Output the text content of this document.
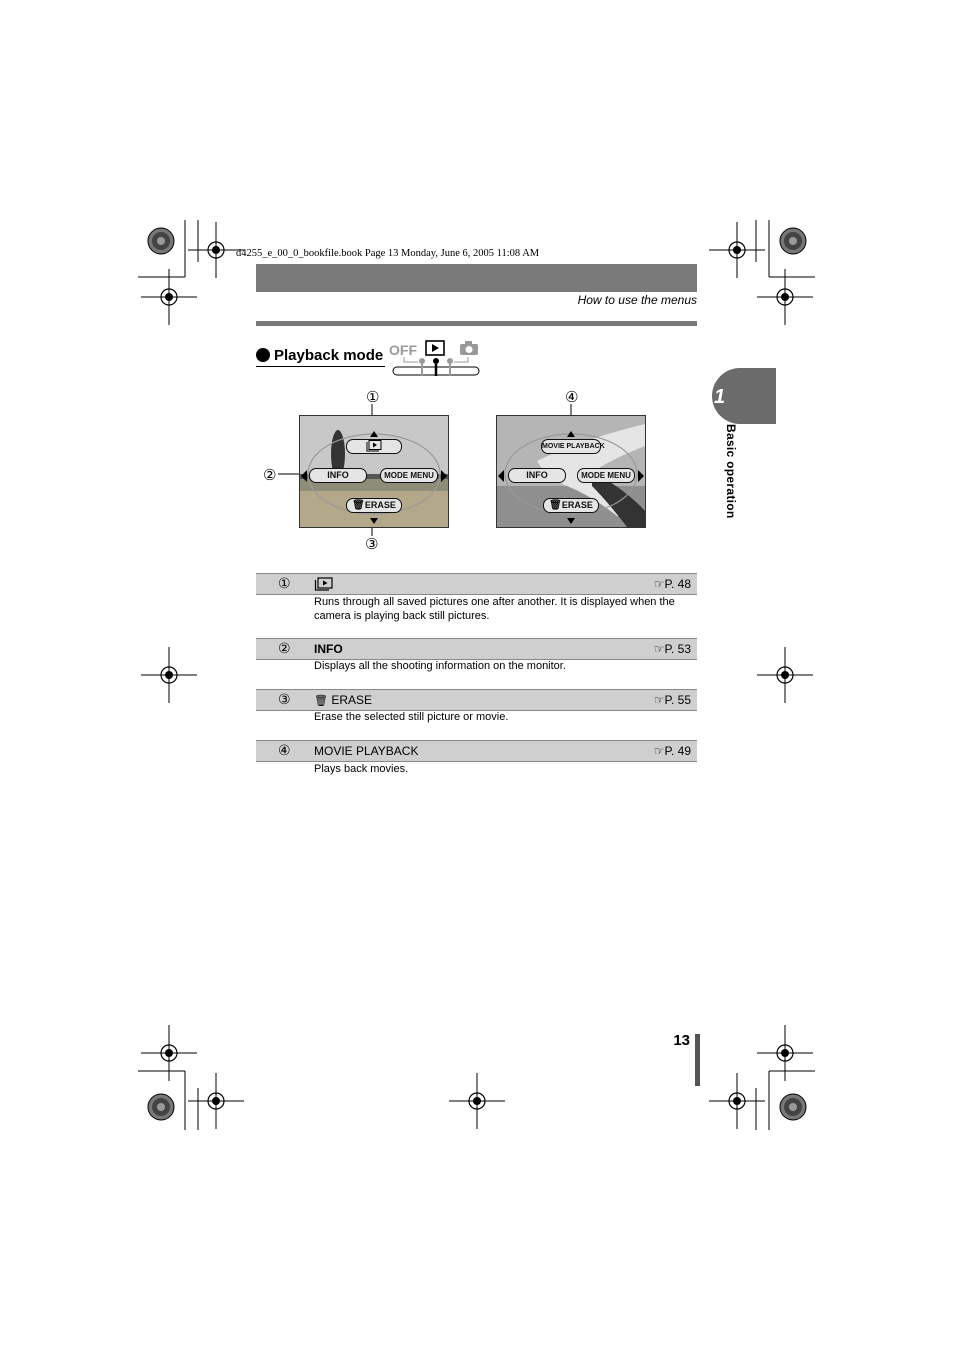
d4255_e_00_0_bookfile.book Page 13 Monday, June 6, 2005 11:08 AM
How to use the menus
Playback mode OFF
1
Basic operation
①
②
③
④
INFO	MODE MENU
🗑ERASE
MOVIE PLAYBACK
INFO	MODE MENU
🗑ERASE
①	☞P. 48
Runs through all saved pictures one after another. It is displayed when the camera is playing back still pictures.
② INFO	☞P. 53
Displays all the shooting information on the monitor.
③ 🗑 ERASE	☞P. 55
Erase the selected still picture or movie.
④ MOVIE PLAYBACK	☞P. 49
Plays back movies.
13
